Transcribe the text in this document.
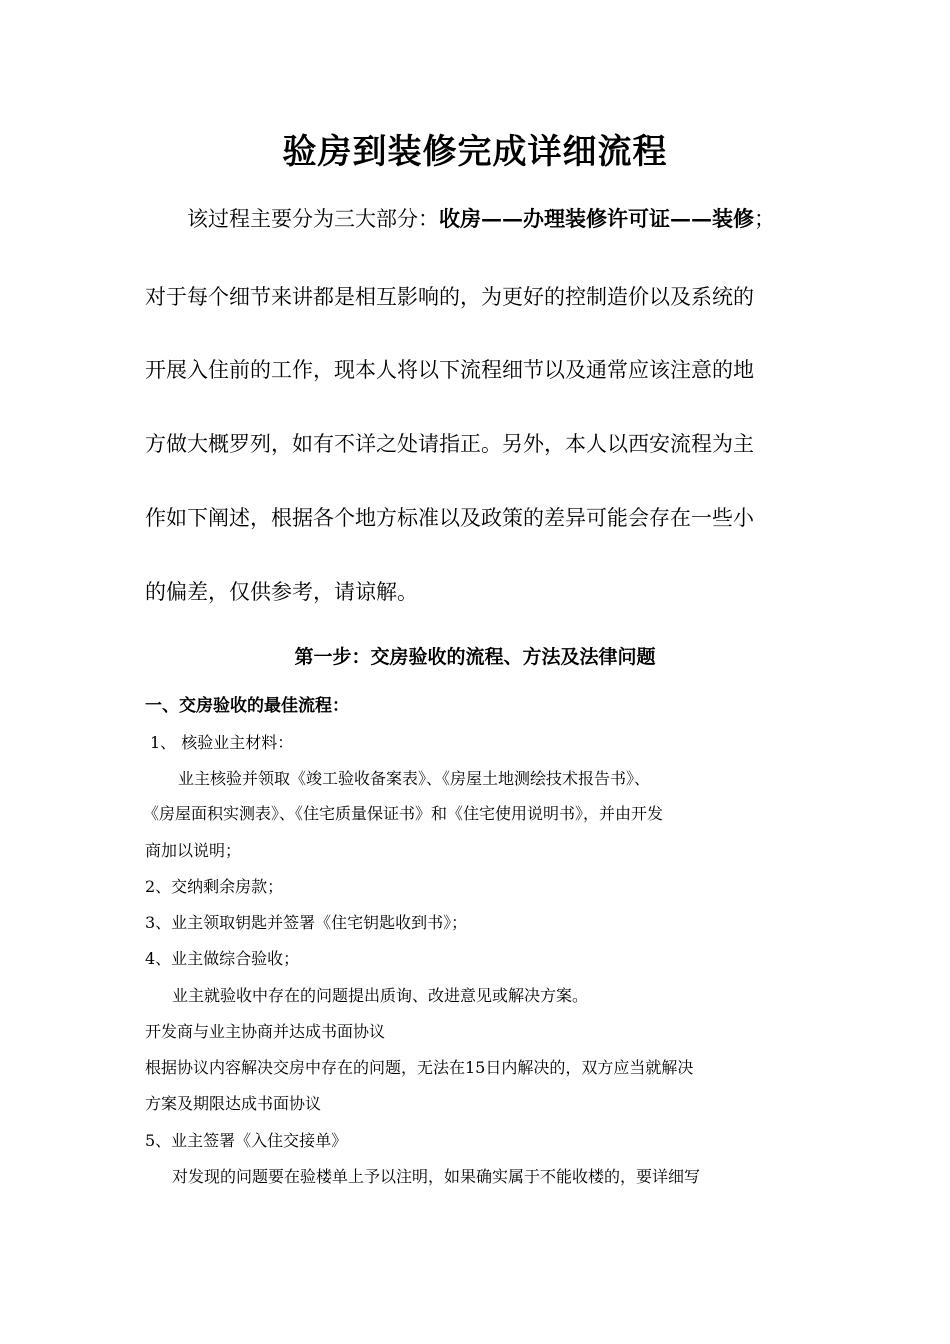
验房到装修完成详细流程
该过程主要分为三大部分：收房——办理装修许可证——装修；
对于每个细节来讲都是相互影响的，为更好的控制造价以及系统的
开展入住前的工作，现本人将以下流程细节以及通常应该注意的地
方做大概罗列，如有不详之处请指正。另外，本人以西安流程为主
作如下阐述，根据各个地方标准以及政策的差异可能会存在一些小
的偏差，仅供参考，请谅解。
第一步：交房验收的流程、方法及法律问题
一、交房验收的最佳流程：
1、 核验业主材料：
业主核验并领取《竣工验收备案表》、《房屋土地测绘技术报告书》、
《房屋面积实测表》、《住宅质量保证书》和《住宅使用说明书》，并由开发
商加以说明；
2、交纳剩余房款；
3、业主领取钥匙并签署《住宅钥匙收到书》；
4、业主做综合验收；
业主就验收中存在的问题提出质询、改进意见或解决方案。
开发商与业主协商并达成书面协议
根据协议内容解决交房中存在的问题，无法在15日内解决的，双方应当就解决
方案及期限达成书面协议
5、业主签署《入住交接单》
对发现的问题要在验楼单上予以注明，如果确实属于不能收楼的，要详细写
